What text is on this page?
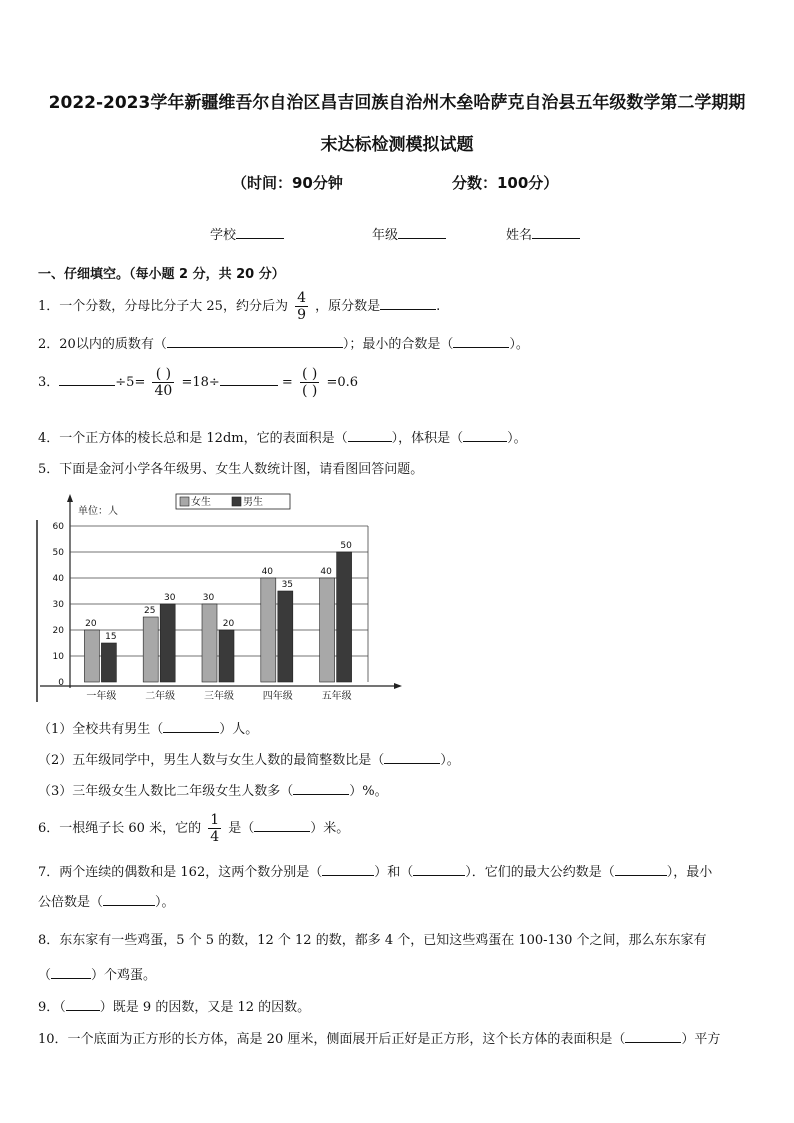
2022-2023学年新疆维吾尔自治区昌吉回族自治州木垒哈萨克自治县五年级数学第二学期期
末达标检测模拟试题
（时间：90分钟	分数：100分）
学校	年级	姓名
一、仔细填空。（每小题 2 分，共 20 分）
1．一个分数，分母比分子大 25，约分后为 $\frac{4}{9}$ ，原分数是	.
2．20以内的质数有（	）；最小的合数是（	）。
3．	$\div 5= \frac{( )}{40} =18\div$	= $\frac{( )}{( )} =0.6$
4．一个正方体的棱长总和是 12dm，它的表面积是（	），体积是（	）。
5．下面是金河小学各年级男、女生人数统计图，请看图回答问题。
0
10
20
30
40
50
60
单位：人
女生	男生
20
15
一年级
25
30
二年级
30
20
三年级
40
35
四年级
40
50
五年级
（1）全校共有男生（	）人。
（2）五年级同学中，男生人数与女生人数的最简整数比是（	）。
（3）三年级女生人数比二年级女生人数多（	）%。
6．一根绳子长 60 米，它的 $\frac{1}{4}$ 是（	）米。
7．两个连续的偶数和是 162，这两个数分别是（	）和（	）．它们的最大公约数是（	），最小
公倍数是（	）。
8．东东家有一些鸡蛋，5 个 5 的数，12 个 12 的数，都多 4 个，已知这些鸡蛋在 100-130 个之间，那么东东家有
（	）个鸡蛋。
9．（	）既是 9 的因数，又是 12 的因数。
10．一个底面为正方形的长方体，高是 20 厘米，侧面展开后正好是正方形，这个长方体的表面积是（	）平方
